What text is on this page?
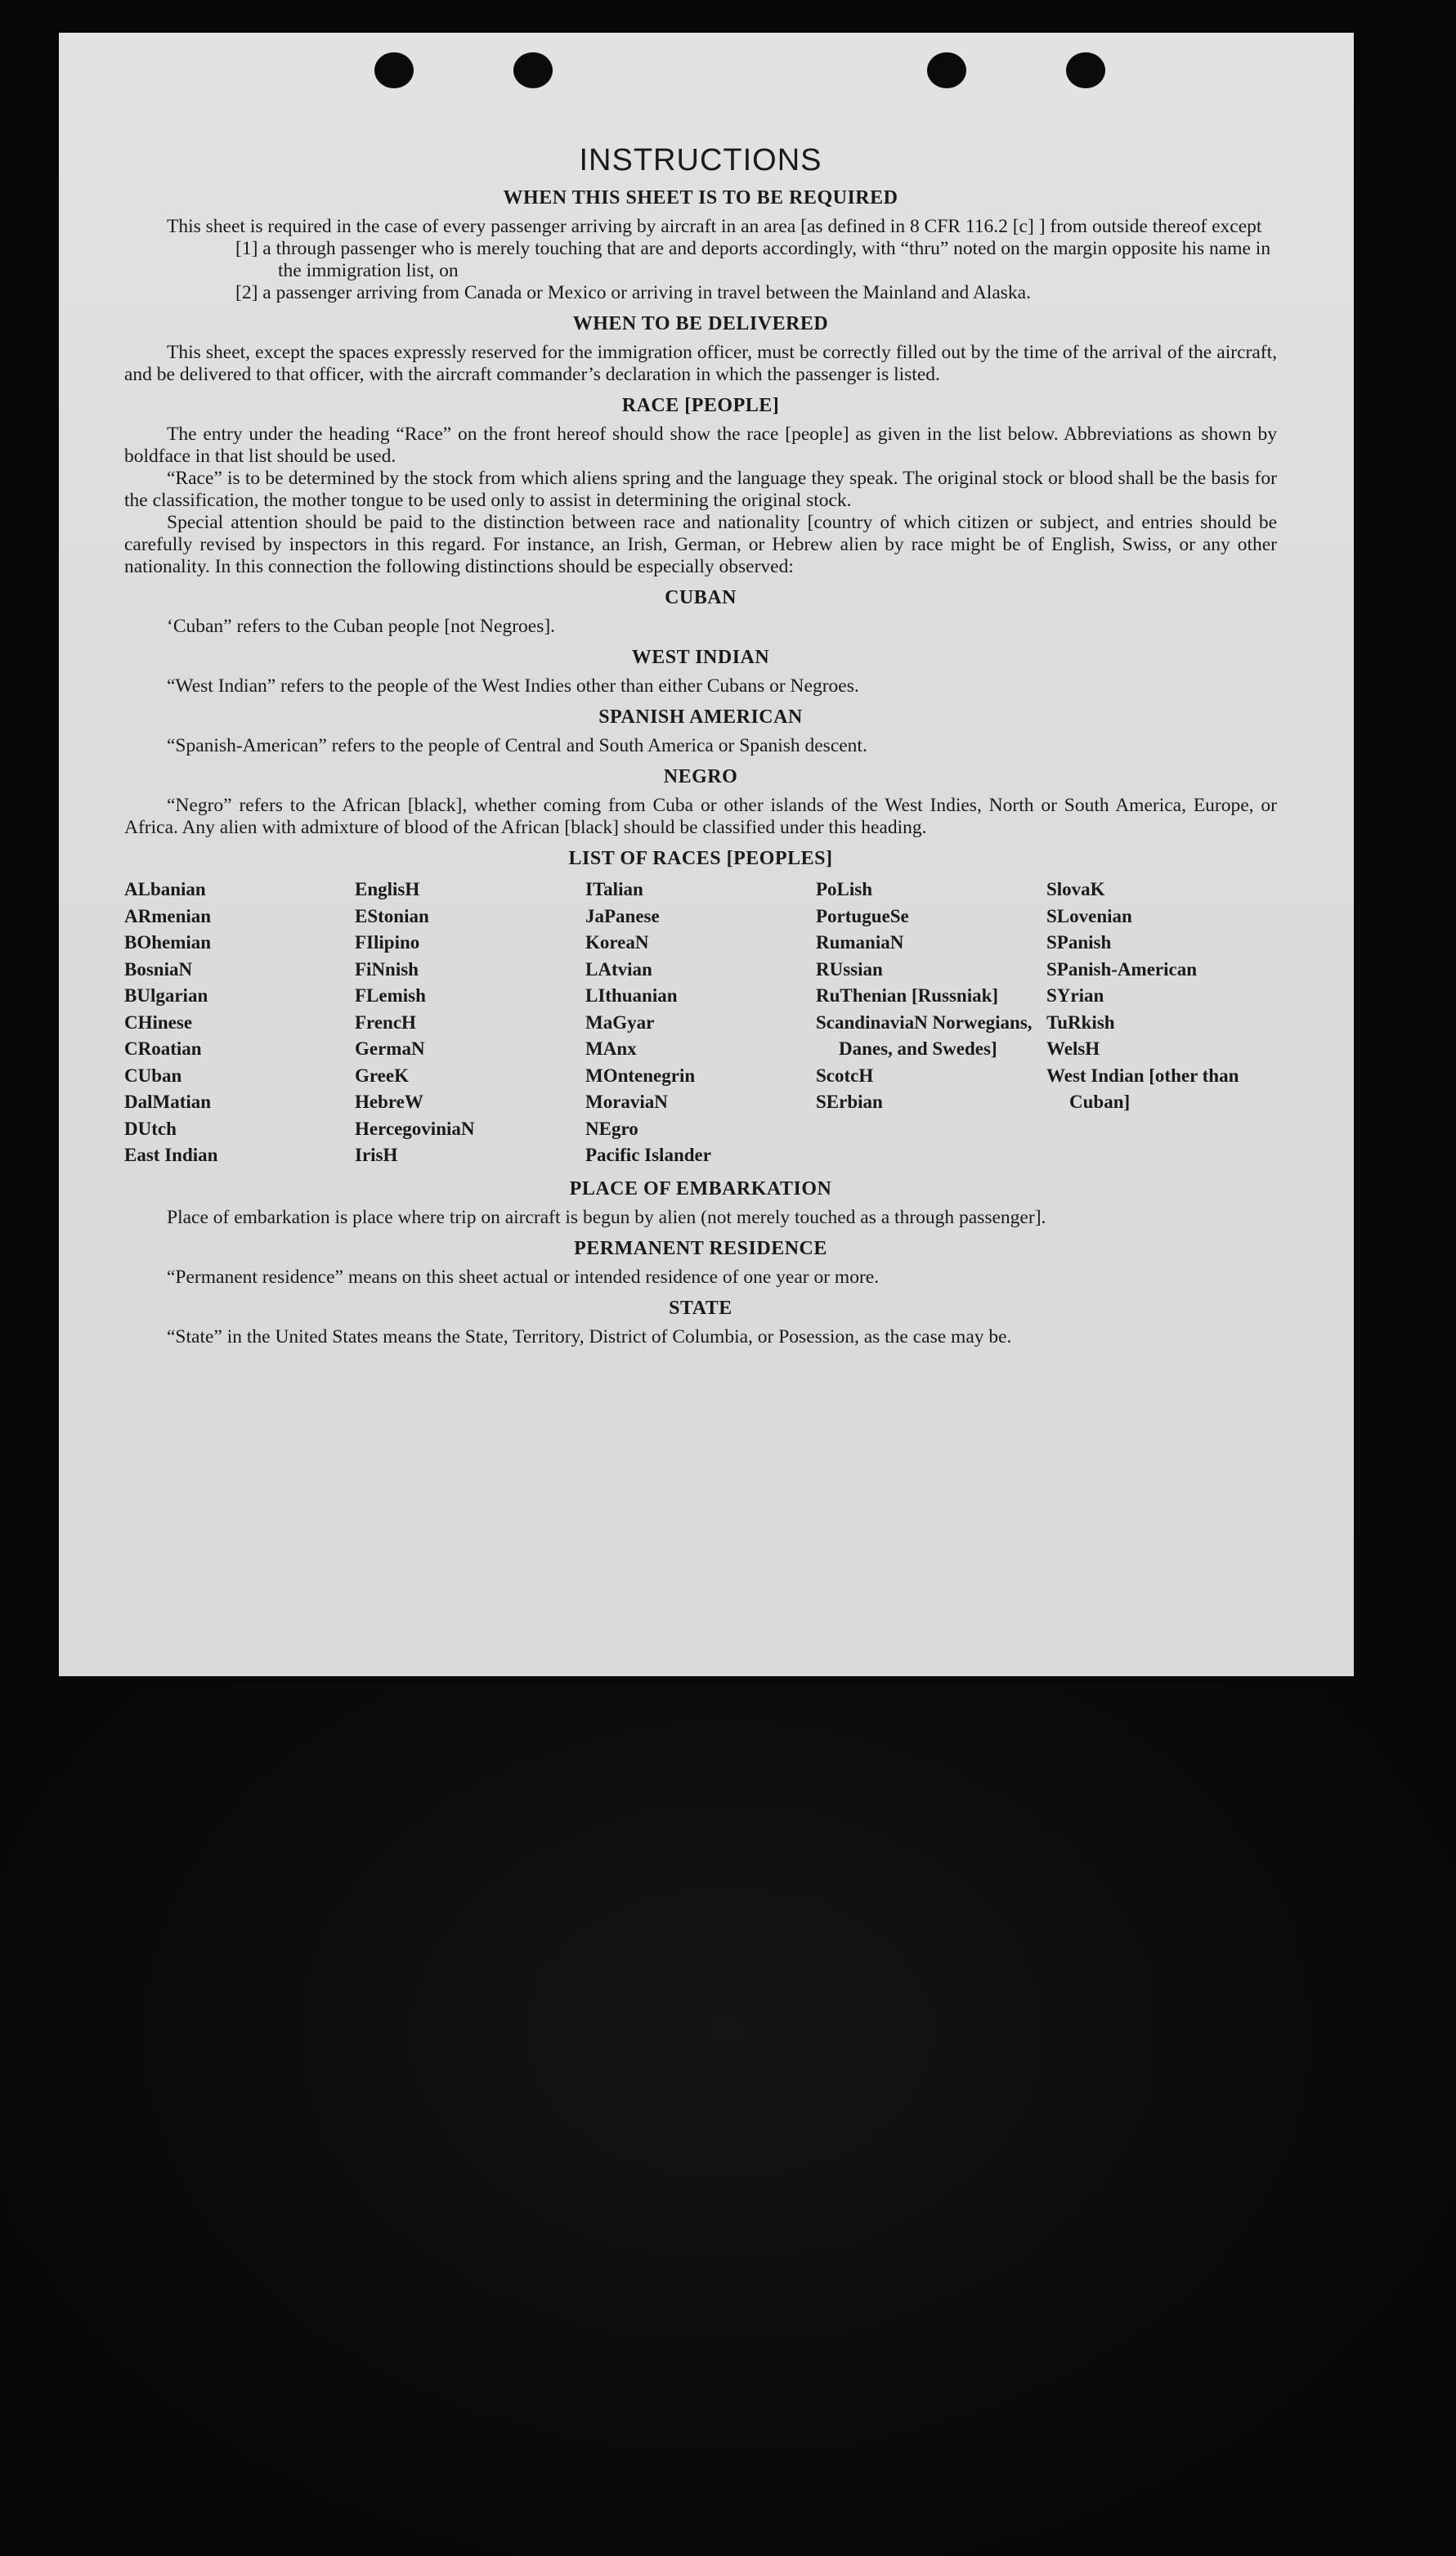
INSTRUCTIONS
WHEN THIS SHEET IS TO BE REQUIRED

This sheet is required in the case of every passenger arriving by aircraft in an area [as defined in 8 CFR 116.2 [c] ] from outside thereof except

[1] a through passenger who is merely touching that are and deports accordingly, with “thru” noted on the margin opposite his name in the immigration list, on

[2] a passenger arriving from Canada or Mexico or arriving in travel between the Mainland and Alaska.

WHEN TO BE DELIVERED

This sheet, except the spaces expressly reserved for the immigration officer, must be correctly filled out by the time of the arrival of the aircraft, and be delivered to that officer, with the aircraft commander’s declaration in which the passenger is listed.

RACE [PEOPLE]

The entry under the heading “Race” on the front hereof should show the race [people] as given in the list below. Abbreviations as shown by boldface in that list should be used.

“Race” is to be determined by the stock from which aliens spring and the language they speak. The original stock or blood shall be the basis for the classification, the mother tongue to be used only to assist in determining the original stock.

Special attention should be paid to the distinction between race and nationality [country of which citizen or subject, and entries should be carefully revised by inspectors in this regard. For instance, an Irish, German, or Hebrew alien by race might be of English, Swiss, or any other nationality. In this connection the following distinctions should be especially observed:

CUBAN

‘Cuban” refers to the Cuban people [not Negroes].

WEST INDIAN

“West Indian” refers to the people of the West Indies other than either Cubans or Negroes.

SPANISH AMERICAN

“Spanish-American” refers to the people of Central and South America or Spanish descent.

NEGRO

“Negro” refers to the African [black], whether coming from Cuba or other islands of the West Indies, North or South America, Europe, or Africa. Any alien with admixture of blood of the African [black] should be classified under this heading.

LIST OF RACES [PEOPLES]
ALbanian
ARmenian
BOhemian
BosniaN
BUlgarian
CHinese
CRoatian
CUban
DalMatian
DUtch
East Indian
EnglisH
EStonian
FIlipino
FiNnish
FLemish
FrencH
GermaN
GreeK
HebreW
HercegoviniaN
IrisH
ITalian
JaPanese
KoreaN
LAtvian
LIthuanian
MaGyar
MAnx
MOntenegrin
MoraviaN
NEgro
Pacific Islander
PoLish
PortugueSe
RumaniaN
RUssian
RuThenian [Russniak]
ScandinaviaN Norwegians, Danes, and Swedes]
ScotcH
SErbian
SlovaK
SLovenian
SPanish
SPanish-American
SYrian
TuRkish
WelsH
West Indian [other than Cuban]
PLACE OF EMBARKATION

Place of embarkation is place where trip on aircraft is begun by alien (not merely touched as a through passenger].

PERMANENT RESIDENCE

“Permanent residence” means on this sheet actual or intended residence of one year or more.

STATE

“State” in the United States means the State, Territory, District of Columbia, or Posession, as the case may be.
